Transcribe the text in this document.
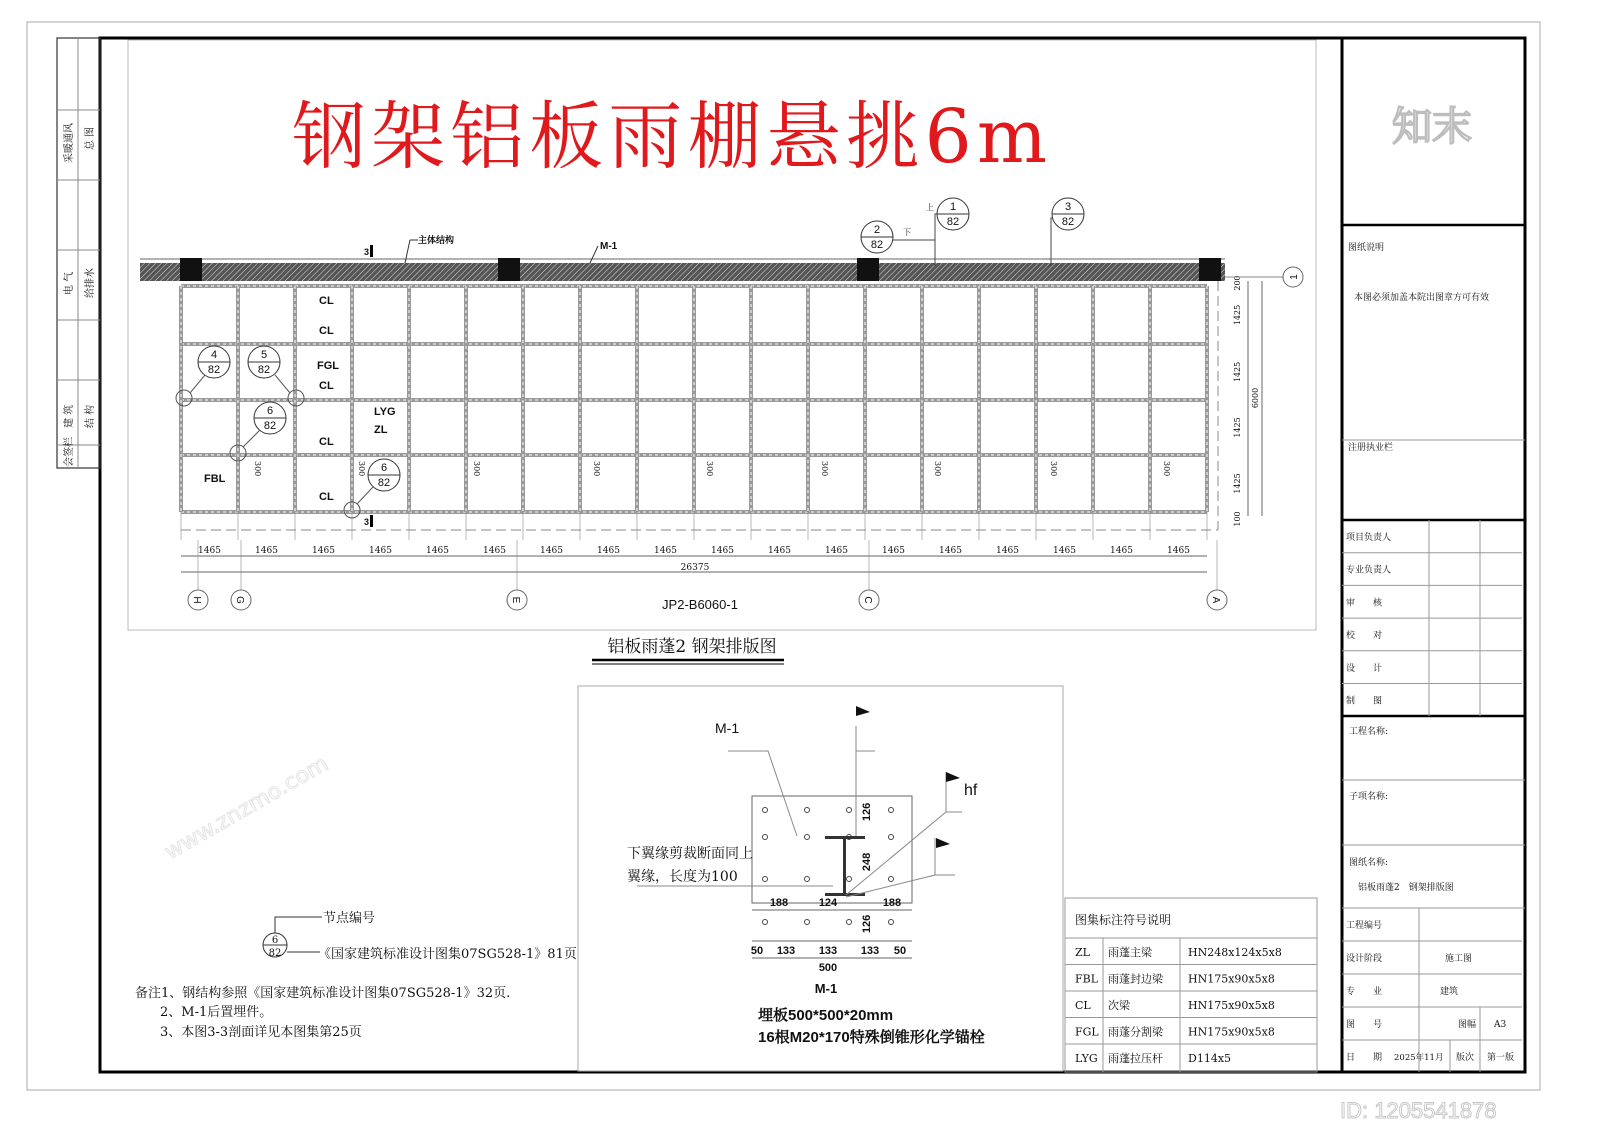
采暖通风 总 图
电 气 给排水
建 筑 结 构
会签栏
钢架铝板雨棚悬挑6m
1465	1465	1465	1465	1465	1465	1465	1465	1465	1465	1465	1465	1465	1465	1465	1465	1465	1465
26375
200
1425
1425
1425
1425
100
6000
300	300	300	300	300	300	300	300	300
H	G	E	C	A
1
主体结构
M-1
3
3
CL
CL
FGL
CL
LYG
ZL
CL
FBL
CL
1
82
2
82
3
82
上
下
4
82
5
82
6
82
6
82
JP2-B6060-1
铝板雨蓬2 钢架排版图
M-1
hf
下翼缘剪裁断面同上
翼缘，长度为100
126
248
126
188	124	188
50 133 133 133 50
500
M-1
埋板500*500*20mm
16根M20*170特殊倒锥形化学锚栓
6
82
节点编号
《国家建筑标准设计图集07SG528-1》81页
备注1、钢结构参照《国家建筑标准设计图集07SG528-1》32页.
2、M-1后置埋件。
3、本图3-3剖面详见本图集第25页
图集标注符号说明
ZL 雨蓬主梁	HN248x124x5x8
FBL 雨蓬封边梁 HN175x90x5x8
CL 次梁	HN175x90x5x8
FGL 雨蓬分割梁 HN175x90x5x8
LYG 雨蓬拉压杆 D114x5
图纸说明
本图必须加盖本院出图章方可有效
注册执业栏
项目负责人
专业负责人
审　　核
校　　对
设　　计
制　　图
工程名称:
子项名称:
图纸名称:
铝板雨蓬2　钢架排版图
工程编号
设计阶段	施工图
专　　业	建筑
图　　号	图幅 A3
日　　期 2025年11月 版次 第一版
知末
ID: 1205541878
www.znzmo.com
